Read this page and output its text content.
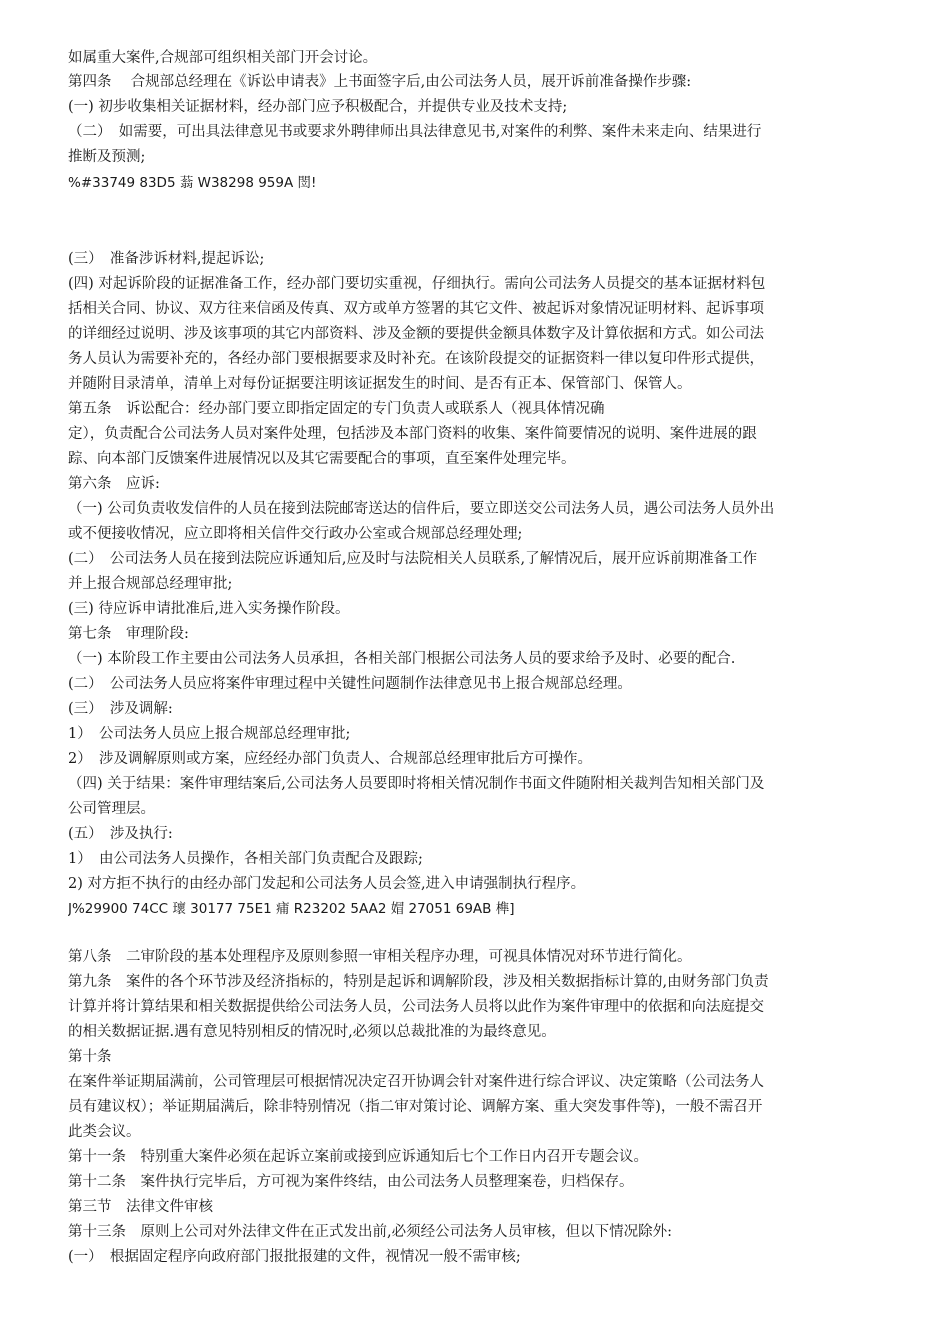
如属重大案件,合规部可组织相关部门开会讨论。
第四条　 合规部总经理在《诉讼申请表》上书面签字后,由公司法务人员，展开诉前准备操作步骤:
(一) 初步收集相关证据材料，经办部门应予积极配合，并提供专业及技术支持;
（二）　如需要，可出具法律意见书或要求外聘律师出具法律意见书,对案件的利弊、案件未来走向、结果进行
推断及预测;
%#33749 83D5 蓊 W38298 959A 閚!
(三）　准备涉诉材料,提起诉讼;
(四) 对起诉阶段的证据准备工作，经办部门要切实重视，仔细执行。需向公司法务人员提交的基本证据材料包
括相关合同、协议、双方往来信函及传真、双方或单方签署的其它文件、被起诉对象情况证明材料、起诉事项
的详细经过说明、涉及该事项的其它内部资料、涉及金额的要提供金额具体数字及计算依据和方式。如公司法
务人员认为需要补充的，各经办部门要根据要求及时补充。在该阶段提交的证据资料一律以复印件形式提供，
并随附目录清单，清单上对每份证据要注明该证据发生的时间、是否有正本、保管部门、保管人。
第五条　诉讼配合：经办部门要立即指定固定的专门负责人或联系人（视具体情况确
定），负责配合公司法务人员对案件处理，包括涉及本部门资料的收集、案件简要情况的说明、案件进展的跟
踪、向本部门反馈案件进展情况以及其它需要配合的事项，直至案件处理完毕。
第六条　应诉:
（一) 公司负责收发信件的人员在接到法院邮寄送达的信件后，要立即送交公司法务人员，遇公司法务人员外出
或不便接收情况，应立即将相关信件交行政办公室或合规部总经理处理;
(二）　公司法务人员在接到法院应诉通知后,应及时与法院相关人员联系,了解情况后，展开应诉前期准备工作
并上报合规部总经理审批;
(三) 待应诉申请批准后,进入实务操作阶段。
第七条　审理阶段:
（一) 本阶段工作主要由公司法务人员承担，各相关部门根据公司法务人员的要求给予及时、必要的配合.
(二）　公司法务人员应将案件审理过程中关键性问题制作法律意见书上报合规部总经理。
(三）　涉及调解:
1）　公司法务人员应上报合规部总经理审批;
2）　涉及调解原则或方案，应经经办部门负责人、合规部总经理审批后方可操作。
（四) 关于结果：案件审理结案后,公司法务人员要即时将相关情况制作书面文件随附相关裁判告知相关部门及
公司管理层。
(五）　涉及执行:
1）　由公司法务人员操作，各相关部门负责配合及跟踪;
2) 对方拒不执行的由经办部门发起和公司法务人员会签,进入申请强制执行程序。
J%29900 74CC 瓌 30177 75E1 痡 R23202 5AA2 媢 27051 69AB 榫]
第八条　二审阶段的基本处理程序及原则参照一审相关程序办理，可视具体情况对环节进行简化。
第九条　案件的各个环节涉及经济指标的，特别是起诉和调解阶段，涉及相关数据指标计算的,由财务部门负责
计算并将计算结果和相关数据提供给公司法务人员，公司法务人员将以此作为案件审理中的依据和向法庭提交
的相关数据证据.遇有意见特别相反的情况时,必须以总裁批准的为最终意见。
第十条
在案件举证期届满前，公司管理层可根据情况决定召开协调会针对案件进行综合评议、决定策略（公司法务人
员有建议权）；举证期届满后，除非特别情况（指二审对策讨论、调解方案、重大突发事件等)，一般不需召开
此类会议。
第十一条　特别重大案件必须在起诉立案前或接到应诉通知后七个工作日内召开专题会议。
第十二条　案件执行完毕后，方可视为案件终结，由公司法务人员整理案卷，归档保存。
第三节　法律文件审核
第十三条　原则上公司对外法律文件在正式发出前,必须经公司法务人员审核，但以下情况除外:
(一）　根据固定程序向政府部门报批报建的文件，视情况一般不需审核;
